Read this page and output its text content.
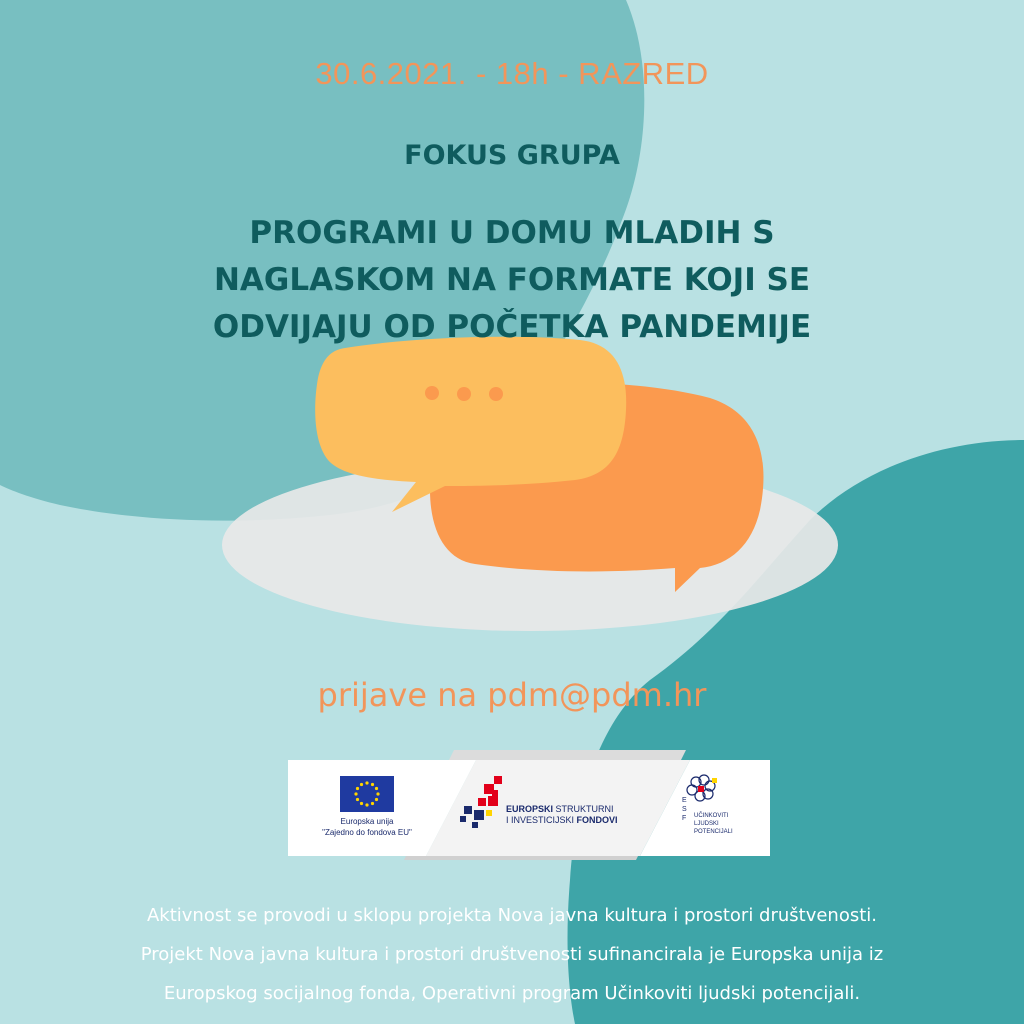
30.6.2021. - 18h - RAZRED
FOKUS GRUPA
PROGRAMI U DOMU MLADIH S
NAGLASKOM NA FORMATE KOJI SE
ODVIJAJU OD POČETKA PANDEMIJE
prijave na pdm@pdm.hr
Europska unija
"Zajedno do fondova EU"
EUROPSKI STRUKTURNI
I INVESTICIJSKI FONDOVI
E
S
F	UČINKOVITI
LJUDSKI
POTENCIJALI
Aktivnost se provodi u sklopu projekta Nova javna kultura i prostori društvenosti.
Projekt Nova javna kultura i prostori društvenosti sufinancirala je Europska unija iz
Europskog socijalnog fonda, Operativni program Učinkoviti ljudski potencijali.
